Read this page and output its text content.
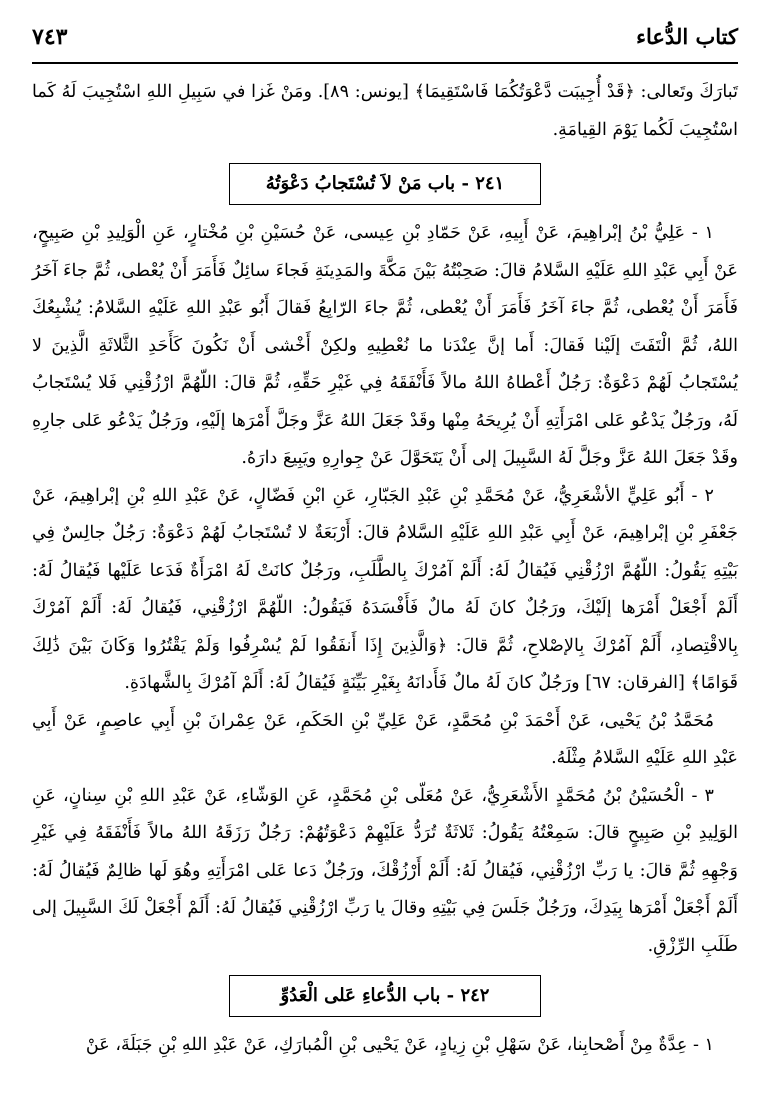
٧٤٣	كتاب الدُّعاء

تَبارَكَ وتَعالى: ﴿قَدْ أُجِيبَت دَّعْوَتُكُمَا فَاسْتَقِيمَا﴾ [يونس: ٨٩]. ومَنْ غَزا في سَبِيلِ اللهِ اسْتُجِيبَ لَهُ كَما اسْتُجِيبَ لَكُما يَوْمَ القِيامَةِ.

٢٤١ - باب مَنْ لاَ تُسْتَجابُ دَعْوَتُهُ

١ - عَلِيُّ بْنُ إبْراهِيمَ، عَنْ أَبِيهِ، عَنْ حَمّادِ بْنِ عِيسى، عَنْ حُسَيْنِ بْنِ مُخْتارٍ، عَنِ الْوَلِيدِ بْنِ صَبِيحٍ، عَنْ أَبِي عَبْدِ اللهِ عَلَيْهِ السَّلامُ قالَ: صَحِبْتُهُ بَيْنَ مَكَّةَ والمَدِينَةِ فَجاءَ سائِلٌ فَأَمَرَ أَنْ يُعْطى، ثُمَّ جاءَ آخَرُ فَأَمَرَ أَنْ يُعْطى، ثُمَّ جاءَ آخَرُ فَأَمَرَ أَنْ يُعْطى، ثُمَّ جاءَ الرّابِعُ فَقالَ أَبُو عَبْدِ اللهِ عَلَيْهِ السَّلامُ: يُشْبِعُكَ اللهُ، ثُمَّ الْتَفَتَ إلَيْنا فَقالَ: أَما إنَّ عِنْدَنا ما نُعْطِيهِ ولكِنْ أَخْشى أَنْ نَكُونَ كَأَحَدِ الثَّلاثَةِ الَّذِينَ لا يُسْتَجابُ لَهُمْ دَعْوَةٌ: رَجُلٌ أَعْطاهُ اللهُ مالاً فَأَنْفَقَهُ فِي غَيْرِ حَقِّهِ، ثُمَّ قالَ: اللّهُمَّ ارْزُقْنِي فَلا يُسْتَجابُ لَهُ، ورَجُلٌ يَدْعُو عَلى امْرَأَتِهِ أَنْ يُرِيحَهُ مِنْها وقَدْ جَعَلَ اللهُ عَزَّ وجَلَّ أَمْرَها إلَيْهِ، ورَجُلٌ يَدْعُو عَلى جارِهِ وقَدْ جَعَلَ اللهُ عَزَّ وجَلَّ لَهُ السَّبِيلَ إلى أَنْ يَتَحَوَّلَ عَنْ جِوارِهِ ويَبِيعَ دارَهُ.

٢ - أَبُو عَلِيٍّ الأشْعَرِيُّ، عَنْ مُحَمَّدِ بْنِ عَبْدِ الجَبّارِ، عَنِ ابْنِ فَضّالٍ، عَنْ عَبْدِ اللهِ بْنِ إبْراهِيمَ، عَنْ جَعْفَرِ بْنِ إبْراهِيمَ، عَنْ أَبِي عَبْدِ اللهِ عَلَيْهِ السَّلامُ قالَ: أَرْبَعَةٌ لا تُسْتَجابُ لَهُمْ دَعْوَةٌ: رَجُلٌ جالِسٌ فِي بَيْتِهِ يَقُولُ: اللّهُمَّ ارْزُقْنِي فَيُقالُ لَهُ: أَلَمْ آمُرْكَ بِالطَّلَبِ، ورَجُلٌ كانَتْ لَهُ امْرَأَةٌ فَدَعا عَلَيْها فَيُقالُ لَهُ: أَلَمْ أَجْعَلْ أَمْرَها إلَيْكَ، ورَجُلٌ كانَ لَهُ مالٌ فَأَفْسَدَهُ فَيَقُولُ: اللّهُمَّ ارْزُقْنِي، فَيُقالُ لَهُ: أَلَمْ آمُرْكَ بِالاقْتِصادِ، أَلَمْ آمُرْكَ بِالإصْلاحِ، ثُمَّ قالَ: ﴿وَالَّذِينَ إِذَا أَنفَقُوا لَمْ يُسْرِفُوا وَلَمْ يَقْتُرُوا وَكَانَ بَيْنَ ذَٰلِكَ قَوَامًا﴾ [الفرقان: ٦٧] ورَجُلٌ كانَ لَهُ مالٌ فَأَدانَهُ بِغَيْرِ بَيِّنَةٍ فَيُقالُ لَهُ: أَلَمْ آمُرْكَ بِالشَّهادَةِ.

مُحَمَّدُ بْنُ يَحْيى، عَنْ أَحْمَدَ بْنِ مُحَمَّدٍ، عَنْ عَلِيِّ بْنِ الحَكَمِ، عَنْ عِمْرانَ بْنِ أَبِي عاصِمٍ، عَنْ أَبِي عَبْدِ اللهِ عَلَيْهِ السَّلامُ مِثْلَهُ.

٣ - الْحُسَيْنُ بْنُ مُحَمَّدٍ الأَشْعَرِيُّ، عَنْ مُعَلّى بْنِ مُحَمَّدٍ، عَنِ الوَشّاءِ، عَنْ عَبْدِ اللهِ بْنِ سِنانٍ، عَنِ الوَلِيدِ بْنِ صَبِيحٍ قالَ: سَمِعْتُهُ يَقُولُ: ثَلاثَةٌ تُرَدُّ عَلَيْهِمْ دَعْوَتُهُمْ: رَجُلٌ رَزَقَهُ اللهُ مالاً فَأَنْفَقَهُ فِي غَيْرِ وَجْهِهِ ثُمَّ قالَ: يا رَبِّ ارْزُقْنِي، فَيُقالُ لَهُ: أَلَمْ أَرْزُقْكَ، ورَجُلٌ دَعا عَلى امْرَأَتِهِ وهُوَ لَها ظالِمٌ فَيُقالُ لَهُ: أَلَمْ أَجْعَلْ أَمْرَها بِيَدِكَ، ورَجُلٌ جَلَسَ فِي بَيْتِهِ وقالَ يا رَبِّ ارْزُقْنِي فَيُقالُ لَهُ: أَلَمْ أَجْعَلْ لَكَ السَّبِيلَ إلى طَلَبِ الرِّزْقِ.

٢٤٢ - باب الدُّعاءِ عَلى الْعَدُوِّ

١ - عِدَّةٌ مِنْ أَصْحابِنا، عَنْ سَهْلِ بْنِ زِيادٍ، عَنْ يَحْيى بْنِ الْمُبارَكِ، عَنْ عَبْدِ اللهِ بْنِ جَبَلَةَ، عَنْ
